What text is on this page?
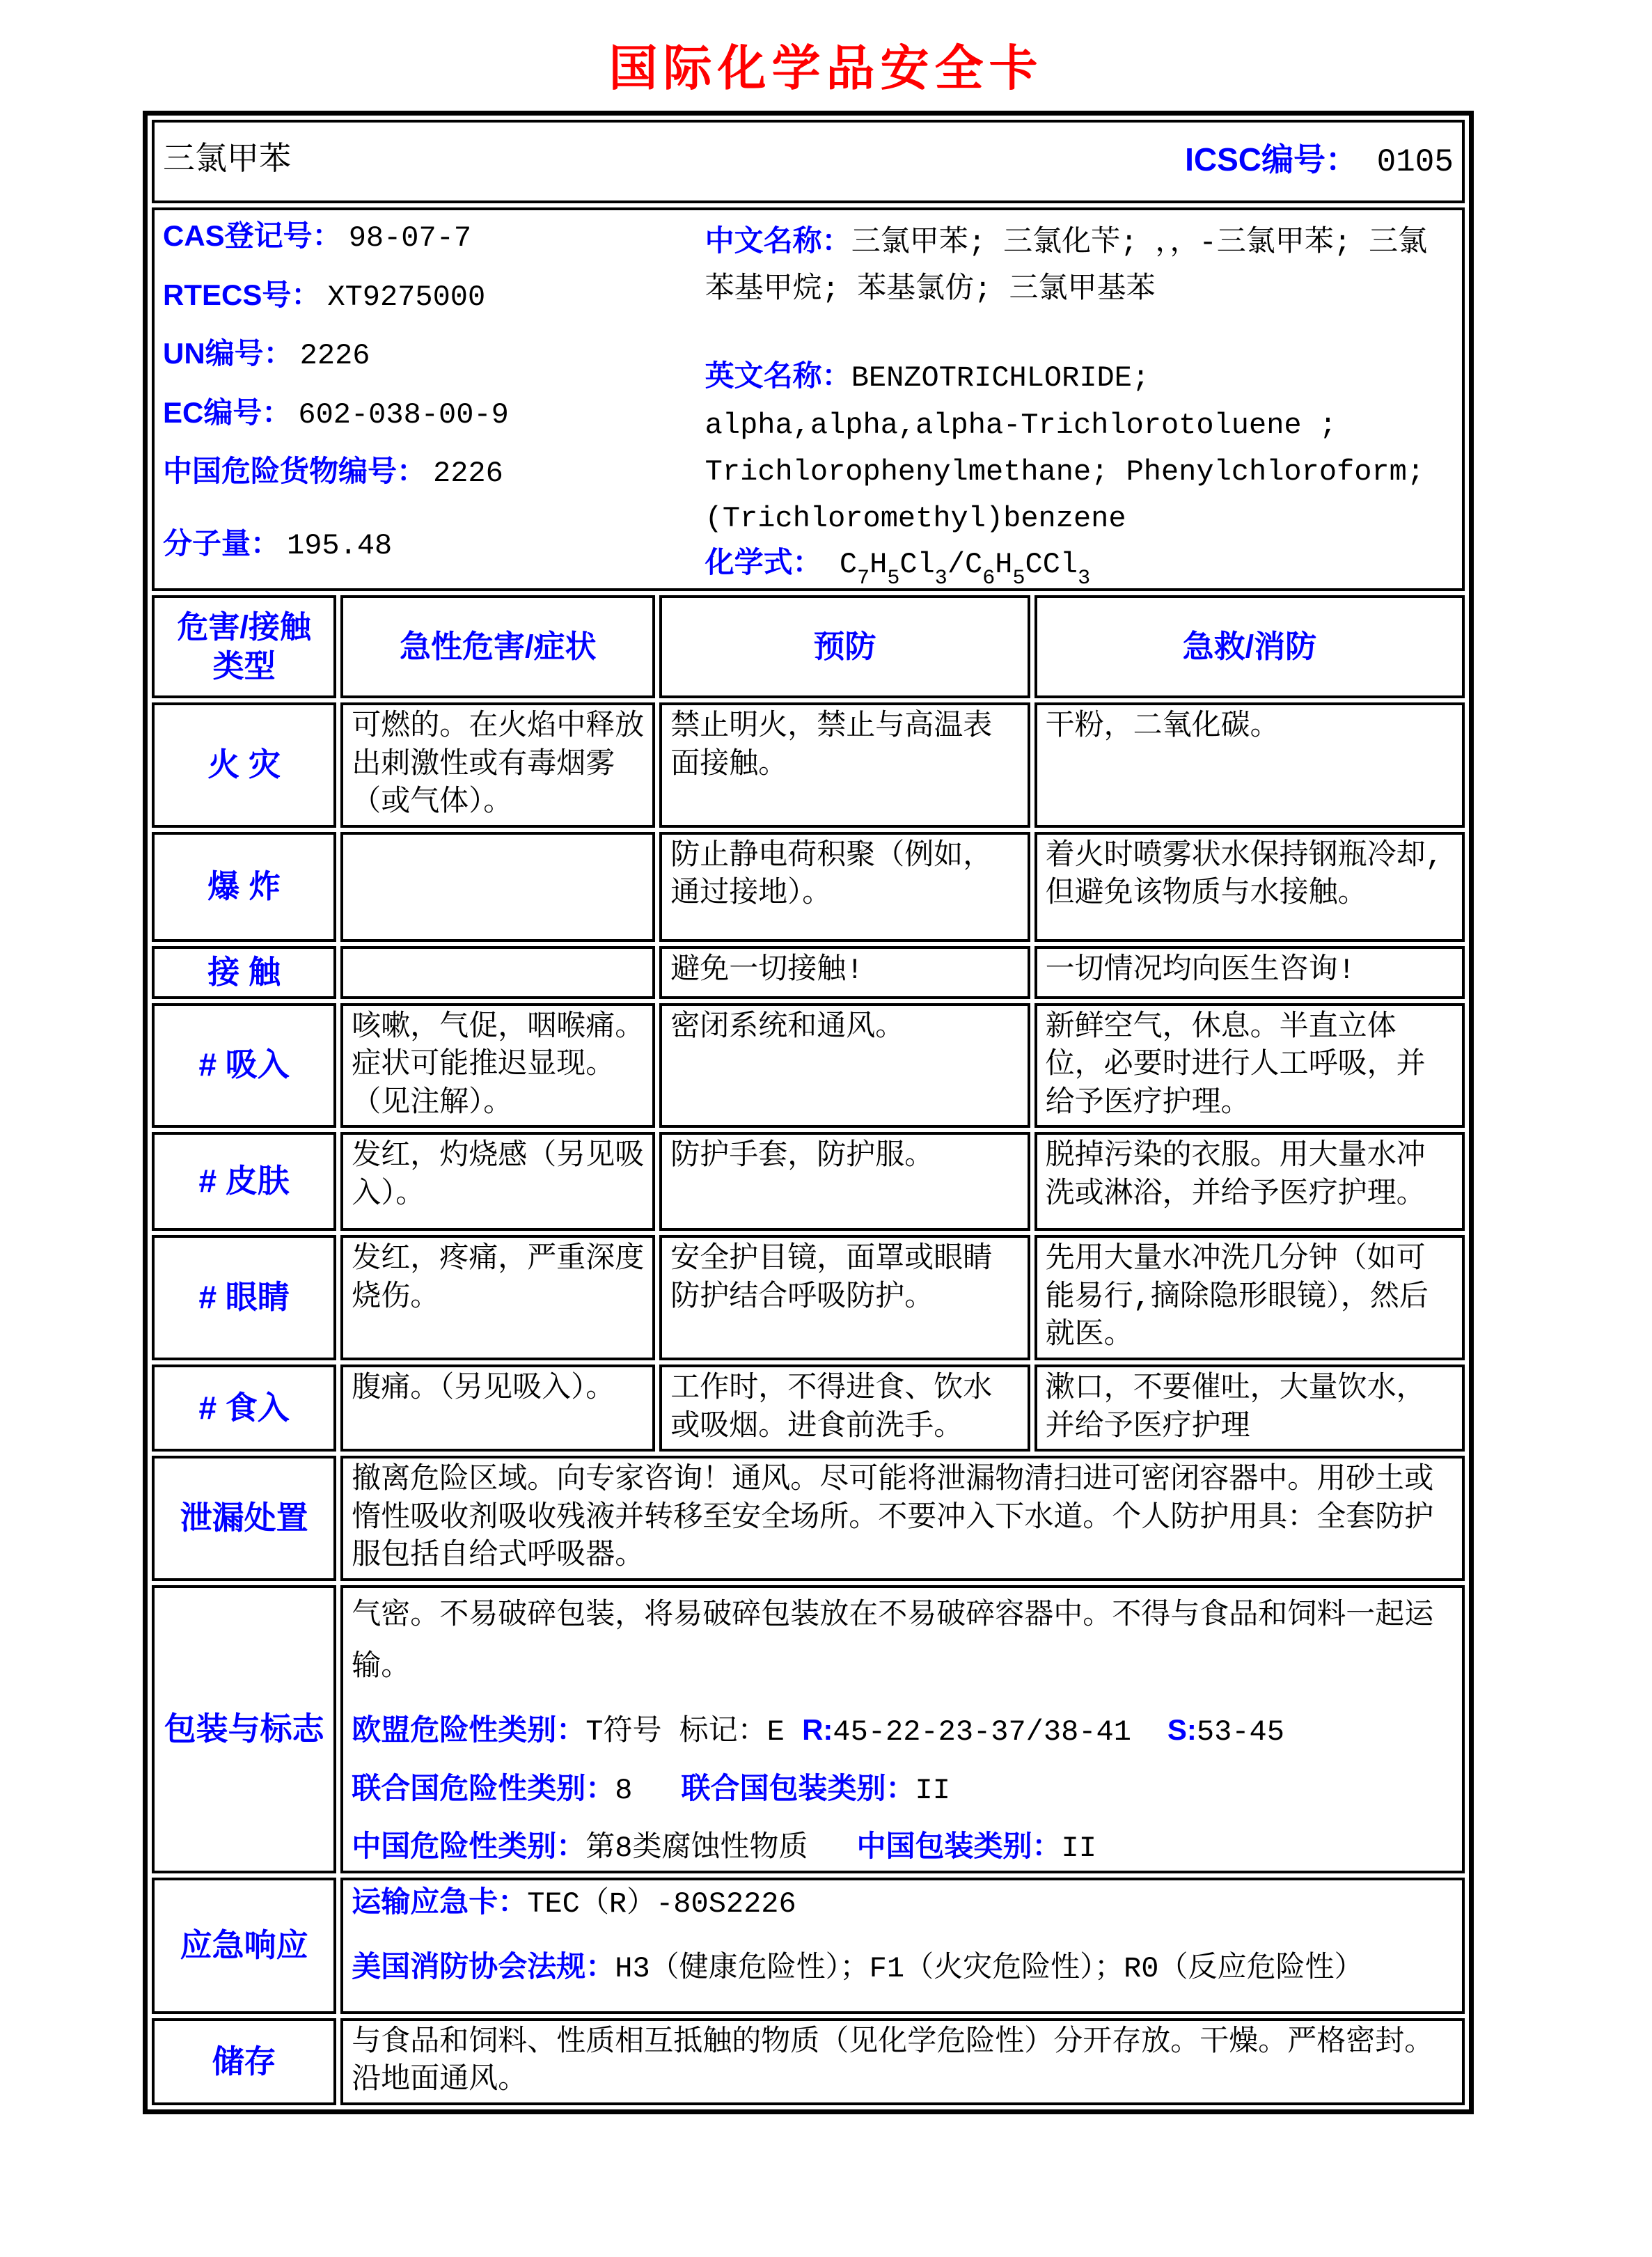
国际化学品安全卡
三氯甲苯 ICSC编号： 0105			

CAS登记号： 98-07-7
RTECS号： XT9275000
UN编号： 2226
EC编号： 602-038-00-9
中国危险货物编号： 2226
分子量： 195.48
中文名称：三氯甲苯; 三氯化苄; ，，-三氯甲苯; 三氯苯基甲烷; 苯基氯仿; 三氯甲基苯
英文名称：BENZOTRICHLORIDE; alpha,alpha,alpha-Trichlorotoluene ; Trichlorophenylmethane; Phenylchloroform; (Trichloromethyl)benzene
化学式： $C_7H_5Cl_3/C_6H_5CCl_3$

危害/接触类型	急性危害/症状	预防	急救/消防
火 灾	可燃的。在火焰中释放出刺激性或有毒烟雾（或气体）。	禁止明火，禁止与高温表面接触。	干粉，二氧化碳。
爆 炸		防止静电荷积聚（例如，通过接地）。	着火时喷雾状水保持钢瓶冷却,但避免该物质与水接触。
接 触		避免一切接触!	一切情况均向医生咨询!
# 吸入	咳嗽，气促，咽喉痛。症状可能推迟显现。（见注解）。	密闭系统和通风。	新鲜空气，休息。半直立体位，必要时进行人工呼吸，并给予医疗护理。
# 皮肤	发红，灼烧感（另见吸入）。	防护手套，防护服。	脱掉污染的衣服。用大量水冲洗或淋浴，并给予医疗护理。
# 眼睛	发红，疼痛，严重深度烧伤。	安全护目镜，面罩或眼睛防护结合呼吸防护。	先用大量水冲洗几分钟（如可能易行,摘除隐形眼镜），然后就医。
# 食入	腹痛。（另见吸入）。	工作时，不得进食、饮水或吸烟。进食前洗手。	漱口，不要催吐，大量饮水，并给予医疗护理
泄漏处置	撤离危险区域。向专家咨询！通风。尽可能将泄漏物清扫进可密闭容器中。用砂土或惰性吸收剂吸收残液并转移至安全场所。不要冲入下水道。个人防护用具：全套防护服包括自给式呼吸器。		
包装与标志	气密。不易破碎包装，将易破碎包装放在不易破碎容器中。不得与食品和饲料一起运输。
欧盟危险性类别：T符号 标记：E R:45-22-23-37/38-41 S:53-45
联合国危险性类别：8 联合国包装类别：II
中国危险性类别：第8类腐蚀性物质 中国包装类别：II		

应急响应	运输应急卡：TEC（R）-80S2226
美国消防协会法规：H3（健康危险性）；F1（火灾危险性）；R0（反应危险性）		

储存	与食品和饲料、性质相互抵触的物质（见化学危险性）分开存放。干燥。严格密封。沿地面通风。		
